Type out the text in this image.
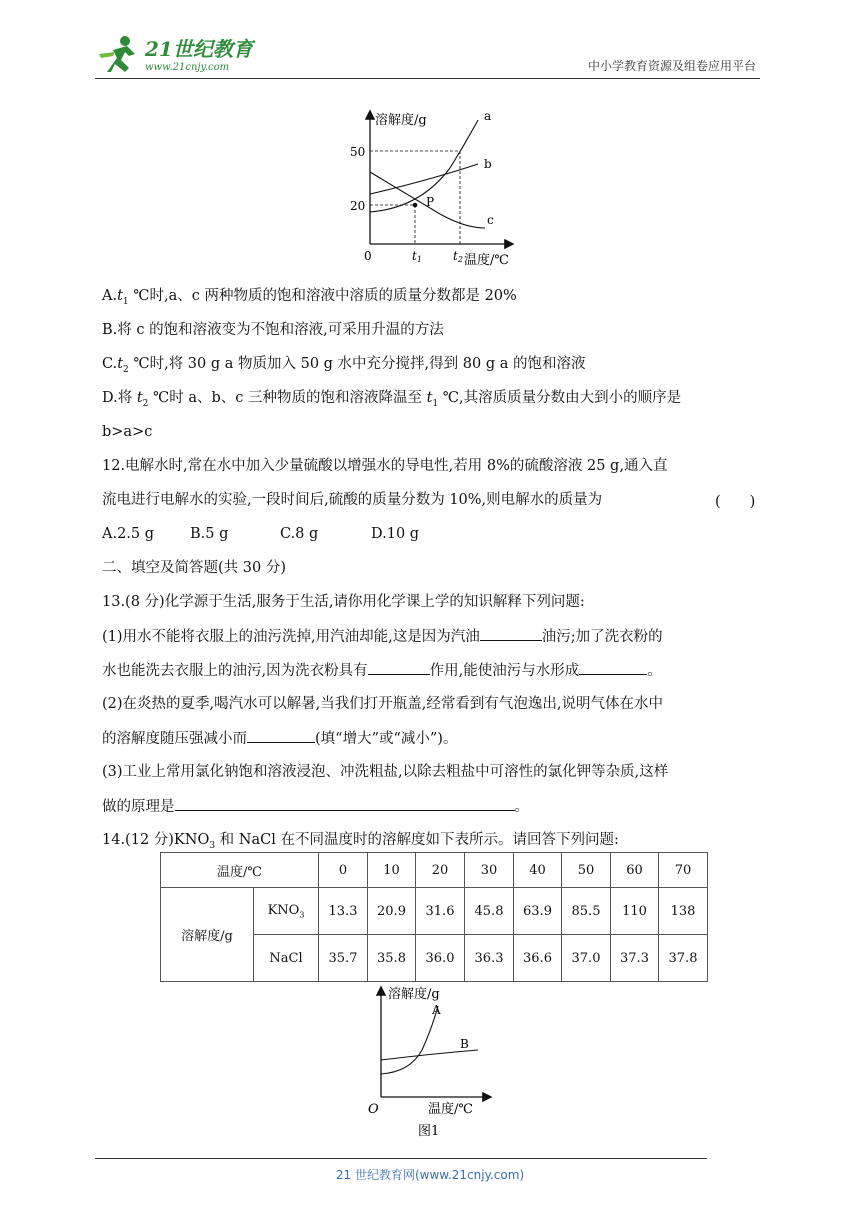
21世纪教育
www.21cnjy.com	中小学教育资源及组卷应用平台
溶解度/g
0
50
20	P
a
b
c
t1	t2 温度/℃
$A.t_1$ ℃时,a、c 两种物质的饱和溶液中溶质的质量分数都是 20%
B.将 c 的饱和溶液变为不饱和溶液,可采用升温的方法
$C.t_2$ ℃时,将 30 g a 物质加入 50 g 水中充分搅拌,得到 80 g a 的饱和溶液
D.将 $t_2$ ℃时 a、b、c 三种物质的饱和溶液降温至 $t_1$ ℃,其溶质质量分数由大到小的顺序是
b>a>c
12.电解水时,常在水中加入少量硫酸以增强水的导电性,若用 8%的硫酸溶液 25 g,通入直
流电进行电解水的实验,一段时间后,硫酸的质量分数为 10%,则电解水的质量为	(　　)
A.2.5 g B.5 g	C.8 g	D.10 g
二、填空及简答题(共 30 分)
13.(8 分)化学源于生活,服务于生活,请你用化学课上学的知识解释下列问题:
(1)用水不能将衣服上的油污洗掉,用汽油却能,这是因为汽油	油污;加了洗衣粉的
水也能洗去衣服上的油污,因为洗衣粉具有	作用,能使油污与水形成	。
(2)在炎热的夏季,喝汽水可以解暑,当我们打开瓶盖,经常看到有气泡逸出,说明气体在水中
的溶解度随压强减小而	(填“增大”或“减小”)。
(3)工业上常用氯化钠饱和溶液浸泡、冲洗粗盐,以除去粗盐中可溶性的氯化钾等杂质,这样
做的原理是	。
14.(12 分)$KNO_3$ 和 NaCl 在不同温度时的溶解度如下表所示。请回答下列问题:
温度/℃		0	10	20	30	40	50	60	70
溶解度/g	$KNO_3$	13.3	20.9	31.6	45.8	63.9	85.5	110	138
	NaCl	35.7	35.8	36.0	36.3	36.6	37.0	37.3	37.8
溶解度/g
A
B
O	温度/℃
图1
21 世纪教育网(www.21cnjy.com)
